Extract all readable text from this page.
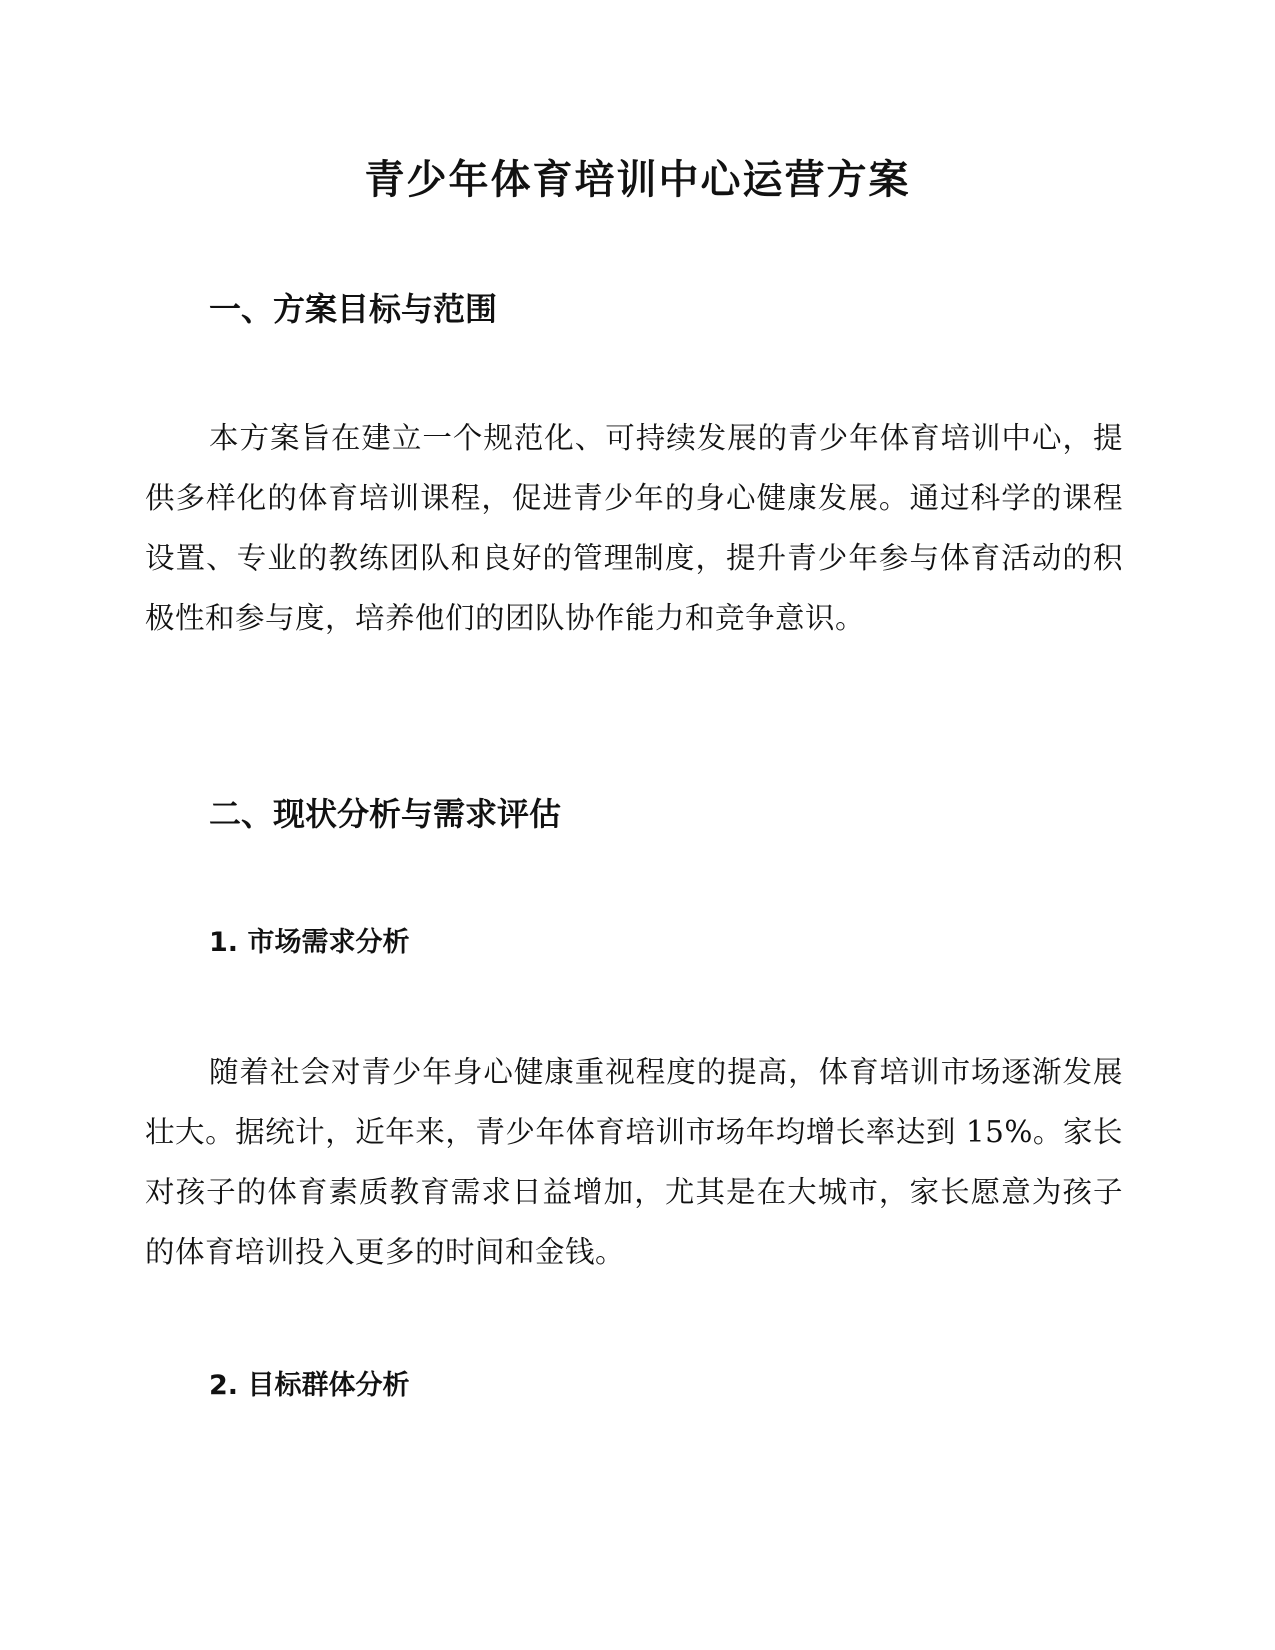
青少年体育培训中心运营方案
一、方案目标与范围

本方案旨在建立一个规范化、可持续发展的青少年体育培训中心，提供多样化的体育培训课程，促进青少年的身心健康发展。通过科学的课程设置、专业的教练团队和良好的管理制度，提升青少年参与体育活动的积极性和参与度，培养他们的团队协作能力和竞争意识。

二、现状分析与需求评估
1. 市场需求分析

随着社会对青少年身心健康重视程度的提高，体育培训市场逐渐发展壮大。据统计，近年来，青少年体育培训市场年均增长率达到 15%。家长对孩子的体育素质教育需求日益增加，尤其是在大城市，家长愿意为孩子的体育培训投入更多的时间和金钱。

2. 目标群体分析
